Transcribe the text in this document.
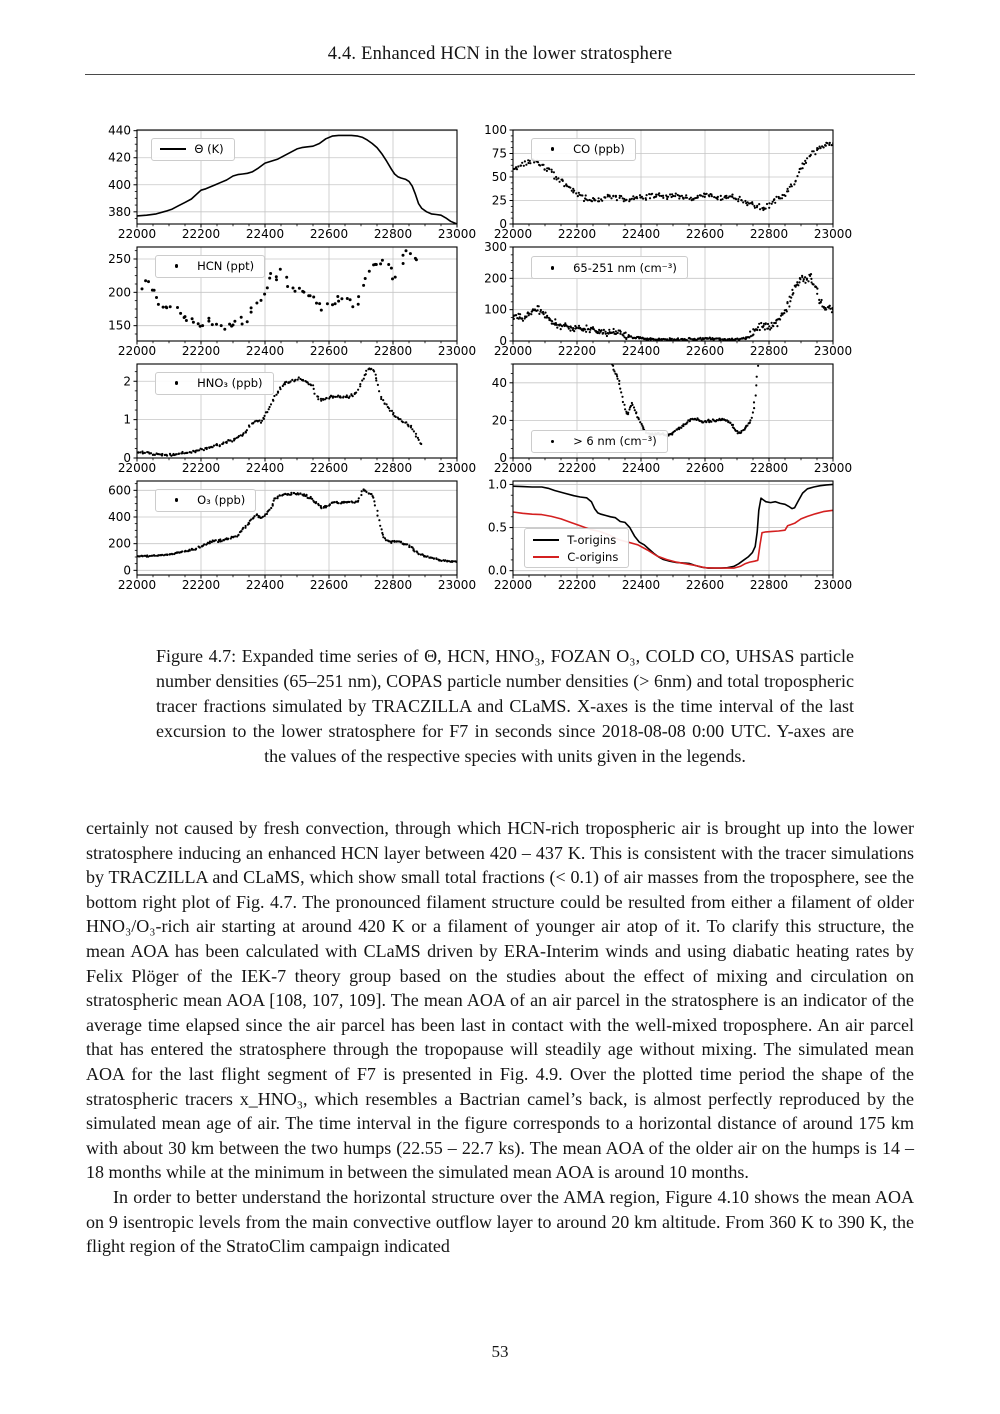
4.4. Enhanced HCN in the lower stratosphere
22000 22200 22400 22600 22800 23000
380
400
420
440
Θ (K)
22000 22200 22400 22600 22800 23000
0
25
50
75
100
CO (ppb)
22000 22200 22400 22600 22800 23000
150
200
250
HCN (ppt)
22000 22200 22400 22600 22800 23000
0
100
200
300
65-251 nm (cm⁻³)
22000 22200 22400 22600 22800 23000
0
1
2	HNO₃ (ppb)
22000 22200 22400 22600 22800 23000
0
20
40
> 6 nm (cm⁻³)
22000 22200 22400 22600 22800 23000
0
200
400
600
O₃ (ppb)
22000 22200 22400 22600 22800 23000
0.0
0.5
1.0
T-origins
C-origins
Figure 4.7: Expanded time series of Θ, HCN, HNO₃, FOZAN O₃, COLD CO, UHSAS particle number densities (65–251 nm), COPAS particle number densities (> 6nm) and total tropospheric tracer fractions simulated by TRACZILLA and CLaMS. X-axes is the time interval of the last excursion to the lower stratosphere for F7 in seconds since 2018-08-08 0:00 UTC. Y-axes are the values of the respective species with units given in the legends.

certainly not caused by fresh convection, through which HCN-rich tropospheric air is brought up into the lower stratosphere inducing an enhanced HCN layer between 420 – 437 K. This is consistent with the tracer simulations by TRACZILLA and CLaMS, which show small total fractions (< 0.1) of air masses from the troposphere, see the bottom right plot of Fig. 4.7. The pronounced filament structure could be resulted from either a filament of older HNO₃/O₃-rich air starting at around 420 K or a filament of younger air atop of it. To clarify this structure, the mean AOA has been calculated with CLaMS driven by ERA-Interim winds and using diabatic heating rates by Felix Plöger of the IEK-7 theory group based on the studies about the effect of mixing and circulation on stratospheric mean AOA [108, 107, 109]. The mean AOA of an air parcel in the stratosphere is an indicator of the average time elapsed since the air parcel has been last in contact with the well-mixed troposphere. An air parcel that has entered the stratosphere through the tropopause will steadily age without mixing. The simulated mean AOA for the last flight segment of F7 is presented in Fig. 4.9. Over the plotted time period the shape of the stratospheric tracers x_HNO₃, which resembles a Bactrian camel’s back, is almost perfectly reproduced by the simulated mean age of air. The time interval in the figure corresponds to a horizontal distance of around 175 km with about 30 km between the two humps (22.55 – 22.7 ks). The mean AOA of the older air on the humps is 14 – 18 months while at the minimum in between the simulated mean AOA is around 10 months.

In order to better understand the horizontal structure over the AMA region, Figure 4.10 shows the mean AOA on 9 isentropic levels from the main convective outflow layer to around 20 km altitude. From 360 K to 390 K, the flight region of the StratoClim campaign indicated

53
